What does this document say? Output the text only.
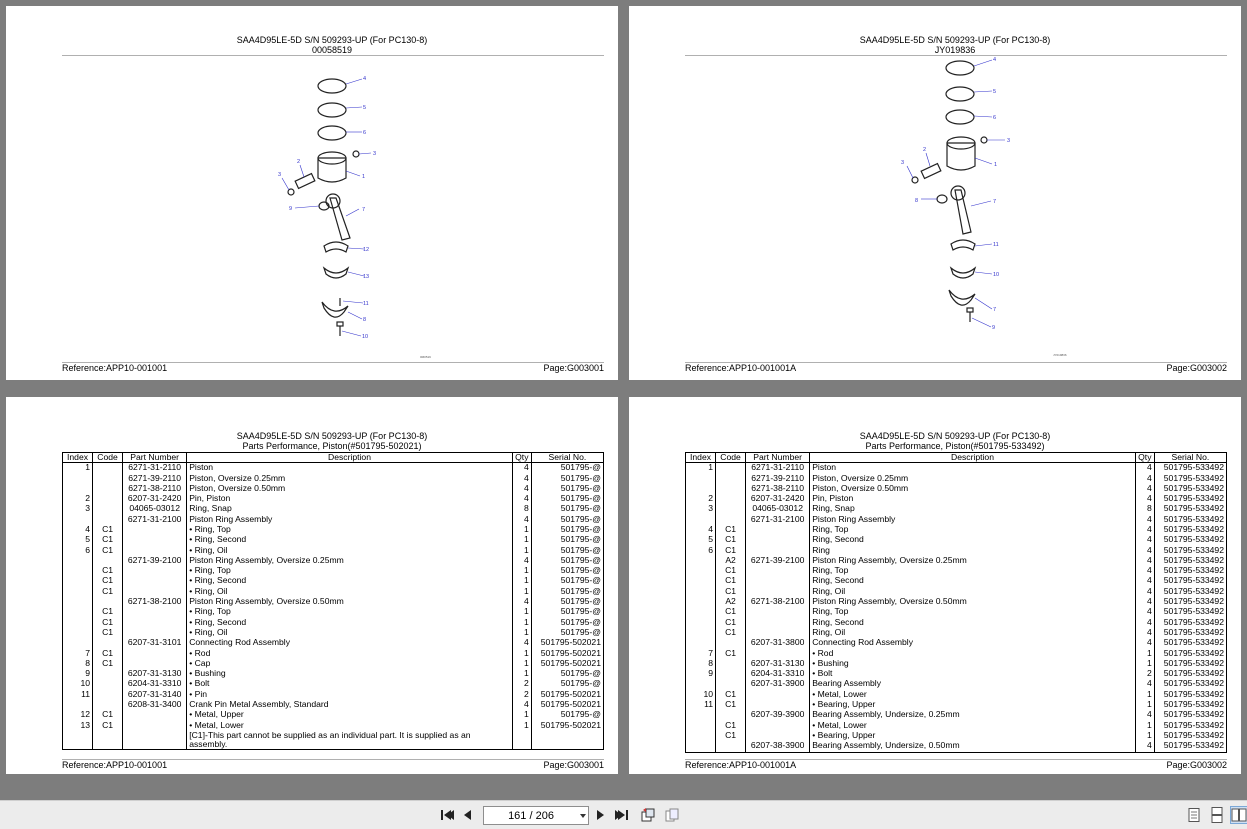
SAA4D95LE-5D S/N 509293-UP (For PC130-8)
00058519
4
5
6
3
2
1
3
9	7
12
13
11
8
10
0M0519
Reference:APP10-001001	Page:G003001
SAA4D95LE-5D S/N 509293-UP (For PC130-8)
JY019836
4
5
6
3
2
1
3
8	7
11
10
7
9
JY019836
Reference:APP10-001001A	Page:G003002
SAA4D95LE-5D S/N 509293-UP (For PC130-8)
Parts Performance, Piston(#501795-502021)
Index	Code	Part Number	Description	Qty	Serial No.
1		6271-31-2110	Piston	4	501795-@
		6271-39-2110	Piston, Oversize 0.25mm	4	501795-@
		6271-38-2110	Piston, Oversize 0.50mm	4	501795-@
2		6207-31-2420	Pin, Piston	4	501795-@
3		04065-03012	Ring, Snap	8	501795-@
		6271-31-2100	Piston Ring Assembly	4	501795-@
4	C1		• Ring, Top	1	501795-@
5	C1		• Ring, Second	1	501795-@
6	C1		• Ring, Oil	1	501795-@
		6271-39-2100	Piston Ring Assembly, Oversize 0.25mm	4	501795-@
	C1		• Ring, Top	1	501795-@
	C1		• Ring, Second	1	501795-@
	C1		• Ring, Oil	1	501795-@
		6271-38-2100	Piston Ring Assembly, Oversize 0.50mm	4	501795-@
	C1		• Ring, Top	1	501795-@
	C1		• Ring, Second	1	501795-@
	C1		• Ring, Oil	1	501795-@
		6207-31-3101	Connecting Rod Assembly	4	501795-502021
7	C1		• Rod	1	501795-502021
8	C1		• Cap	1	501795-502021
9		6207-31-3130	• Bushing	1	501795-@
10		6204-31-3310	• Bolt	2	501795-@
11		6207-31-3140	• Pin	2	501795-502021
		6208-31-3400	Crank Pin Metal Assembly, Standard	4	501795-502021
12	C1		• Metal, Upper	1	501795-@
13	C1		• Metal, Lower	1	501795-502021
			[C1]-This part cannot be supplied as an individual part. It is supplied as an assembly.		
Reference:APP10-001001	Page:G003001
SAA4D95LE-5D S/N 509293-UP (For PC130-8)
Parts Performance, Piston(#501795-533492)
Index	Code	Part Number	Description	Qty	Serial No.
1		6271-31-2110	Piston	4	501795-533492
		6271-39-2110	Piston, Oversize 0.25mm	4	501795-533492
		6271-38-2110	Piston, Oversize 0.50mm	4	501795-533492
2		6207-31-2420	Pin, Piston	4	501795-533492
3		04065-03012	Ring, Snap	8	501795-533492
		6271-31-2100	Piston Ring Assembly	4	501795-533492
4	C1		Ring, Top	4	501795-533492
5	C1		Ring, Second	4	501795-533492
6	C1		Ring	4	501795-533492
	A2	6271-39-2100	Piston Ring Assembly, Oversize 0.25mm	4	501795-533492
	C1		Ring, Top	4	501795-533492
	C1		Ring, Second	4	501795-533492
	C1		Ring, Oil	4	501795-533492
	A2	6271-38-2100	Piston Ring Assembly, Oversize 0.50mm	4	501795-533492
	C1		Ring, Top	4	501795-533492
	C1		Ring, Second	4	501795-533492
	C1		Ring, Oil	4	501795-533492
		6207-31-3800	Connecting Rod Assembly	4	501795-533492
7	C1		• Rod	1	501795-533492
8		6207-31-3130	• Bushing	1	501795-533492
9		6204-31-3310	• Bolt	2	501795-533492
		6207-31-3900	Bearing Assembly	4	501795-533492
10	C1		• Metal, Lower	1	501795-533492
11	C1		• Bearing, Upper	1	501795-533492
		6207-39-3900	Bearing Assembly, Undersize, 0.25mm	4	501795-533492
	C1		• Metal, Lower	1	501795-533492
	C1		• Bearing, Upper	1	501795-533492
		6207-38-3900	Bearing Assembly, Undersize, 0.50mm	4	501795-533492
Reference:APP10-001001A	Page:G003002
161 / 206
